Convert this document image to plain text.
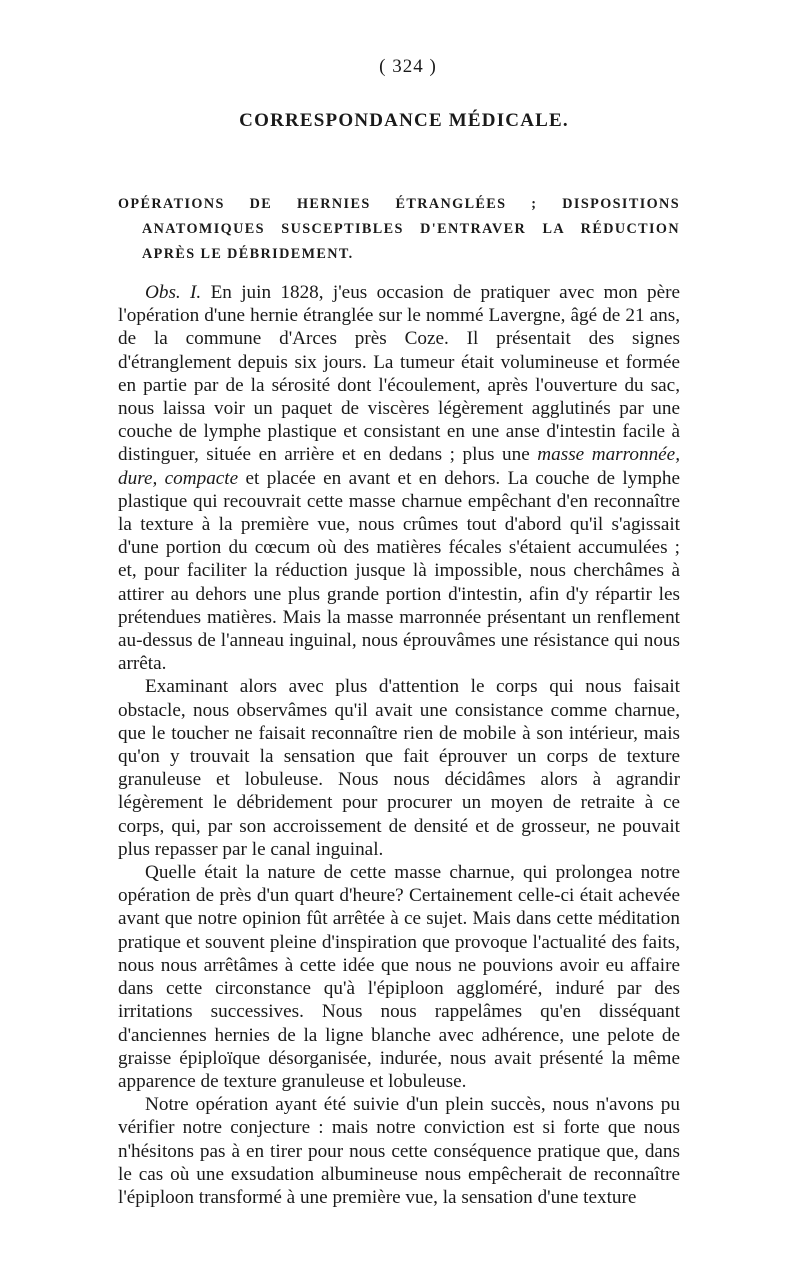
( 324 )
CORRESPONDANCE MÉDICALE.
OPÉRATIONS DE HERNIES ÉTRANGLÉES ; DISPOSITIONS ANATOMIQUES SUSCEPTIBLES D'ENTRAVER LA RÉDUCTION APRÈS LE DÉBRIDEMENT.

Obs. I. En juin 1828, j'eus occasion de pratiquer avec mon père l'opération d'une hernie étranglée sur le nommé Lavergne, âgé de 21 ans, de la commune d'Arces près Coze. Il présentait des signes d'étranglement depuis six jours. La tumeur était volumineuse et formée en partie par de la sérosité dont l'écoulement, après l'ouverture du sac, nous laissa voir un paquet de viscères légèrement agglutinés par une couche de lymphe plastique et consistant en une anse d'intestin facile à distinguer, située en arrière et en dedans ; plus une masse marronnée, dure, compacte et placée en avant et en dehors. La couche de lymphe plastique qui recouvrait cette masse charnue empêchant d'en reconnaître la texture à la première vue, nous crûmes tout d'abord qu'il s'agissait d'une portion du cœcum où des matières fécales s'étaient accumulées ; et, pour faciliter la réduction jusque là impossible, nous cherchâmes à attirer au dehors une plus grande portion d'intestin, afin d'y répartir les prétendues matières. Mais la masse marronnée présentant un renflement au-dessus de l'anneau inguinal, nous éprouvâmes une résistance qui nous arrêta.

Examinant alors avec plus d'attention le corps qui nous faisait obstacle, nous observâmes qu'il avait une consistance comme charnue, que le toucher ne faisait reconnaître rien de mobile à son intérieur, mais qu'on y trouvait la sensation que fait éprouver un corps de texture granuleuse et lobuleuse. Nous nous décidâmes alors à agrandir légèrement le débridement pour procurer un moyen de retraite à ce corps, qui, par son accroissement de densité et de grosseur, ne pouvait plus repasser par le canal inguinal.

Quelle était la nature de cette masse charnue, qui prolongea notre opération de près d'un quart d'heure? Certainement celle-ci était achevée avant que notre opinion fût arrêtée à ce sujet. Mais dans cette méditation pratique et souvent pleine d'inspiration que provoque l'actualité des faits, nous nous arrêtâmes à cette idée que nous ne pouvions avoir eu affaire dans cette circonstance qu'à l'épiploon aggloméré, induré par des irritations successives. Nous nous rappelâmes qu'en disséquant d'anciennes hernies de la ligne blanche avec adhérence, une pelote de graisse épiploïque désorganisée, indurée, nous avait présenté la même apparence de texture granuleuse et lobuleuse.

Notre opération ayant été suivie d'un plein succès, nous n'avons pu vérifier notre conjecture : mais notre conviction est si forte que nous n'hésitons pas à en tirer pour nous cette conséquence pratique que, dans le cas où une exsudation albumineuse nous empêcherait de reconnaître l'épiploon transformé à une première vue, la sensation d'une texture
